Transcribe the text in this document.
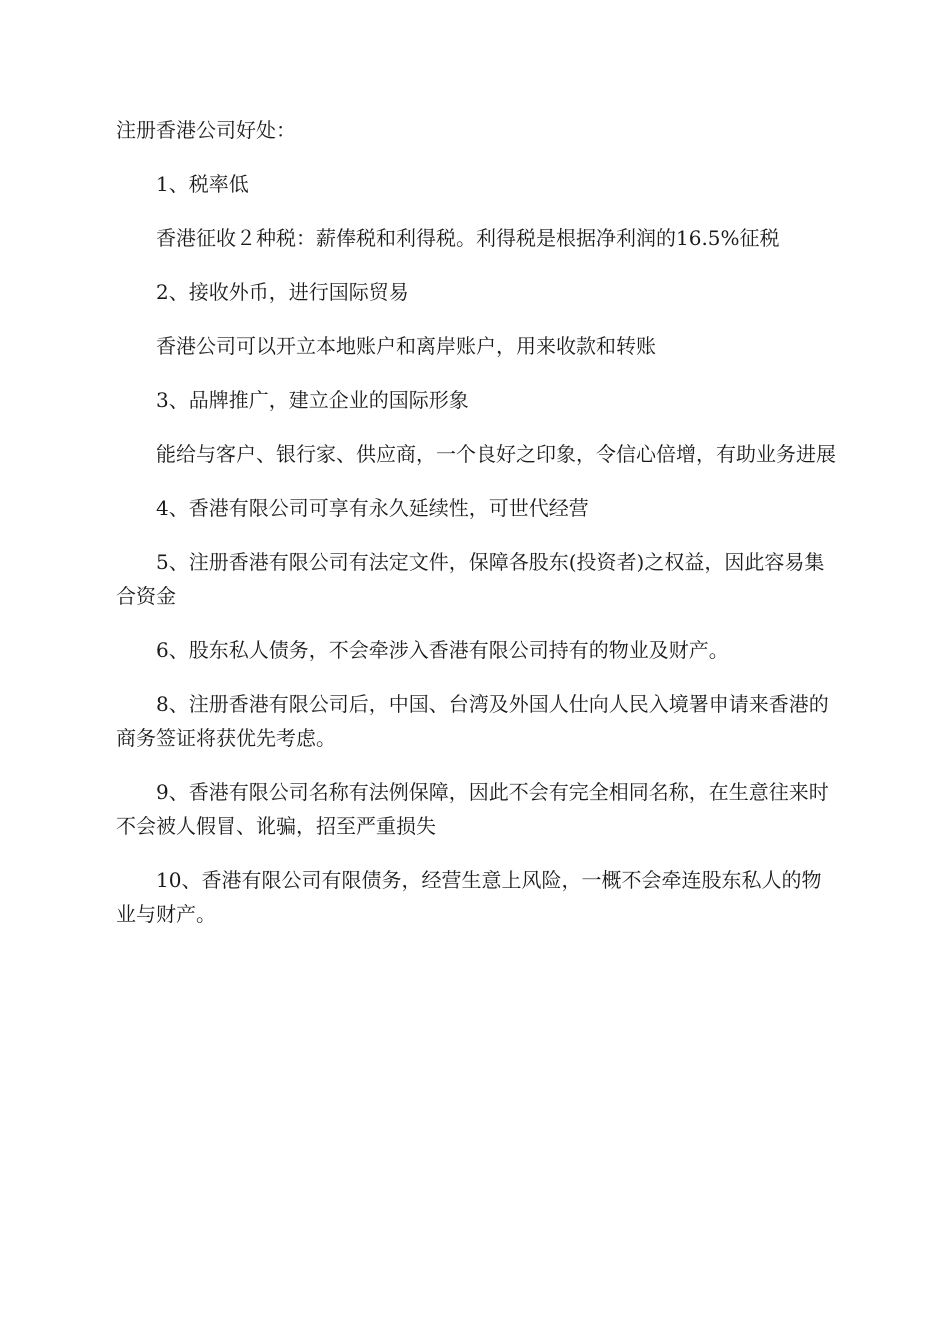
注册香港公司好处：

1、税率低

香港征收２种税：薪俸税和利得税。利得税是根据净利润的16.5%征税

2、接收外币，进行国际贸易

香港公司可以开立本地账户和离岸账户，用来收款和转账

3、品牌推广，建立企业的国际形象

能给与客户、银行家、供应商，一个良好之印象，令信心倍增，有助业务进展

4、香港有限公司可享有永久延续性，可世代经营

5、注册香港有限公司有法定文件，保障各股东(投资者)之权益，因此容易集合资金

6、股东私人债务，不会牵涉入香港有限公司持有的物业及财产。

8、注册香港有限公司后，中国、台湾及外国人仕向人民入境署申请来香港的商务签证将获优先考虑。

9、香港有限公司名称有法例保障，因此不会有完全相同名称，在生意往来时不会被人假冒、讹骗，招至严重损失

10、香港有限公司有限债务，经营生意上风险，一概不会牵连股东私人的物业与财产。
